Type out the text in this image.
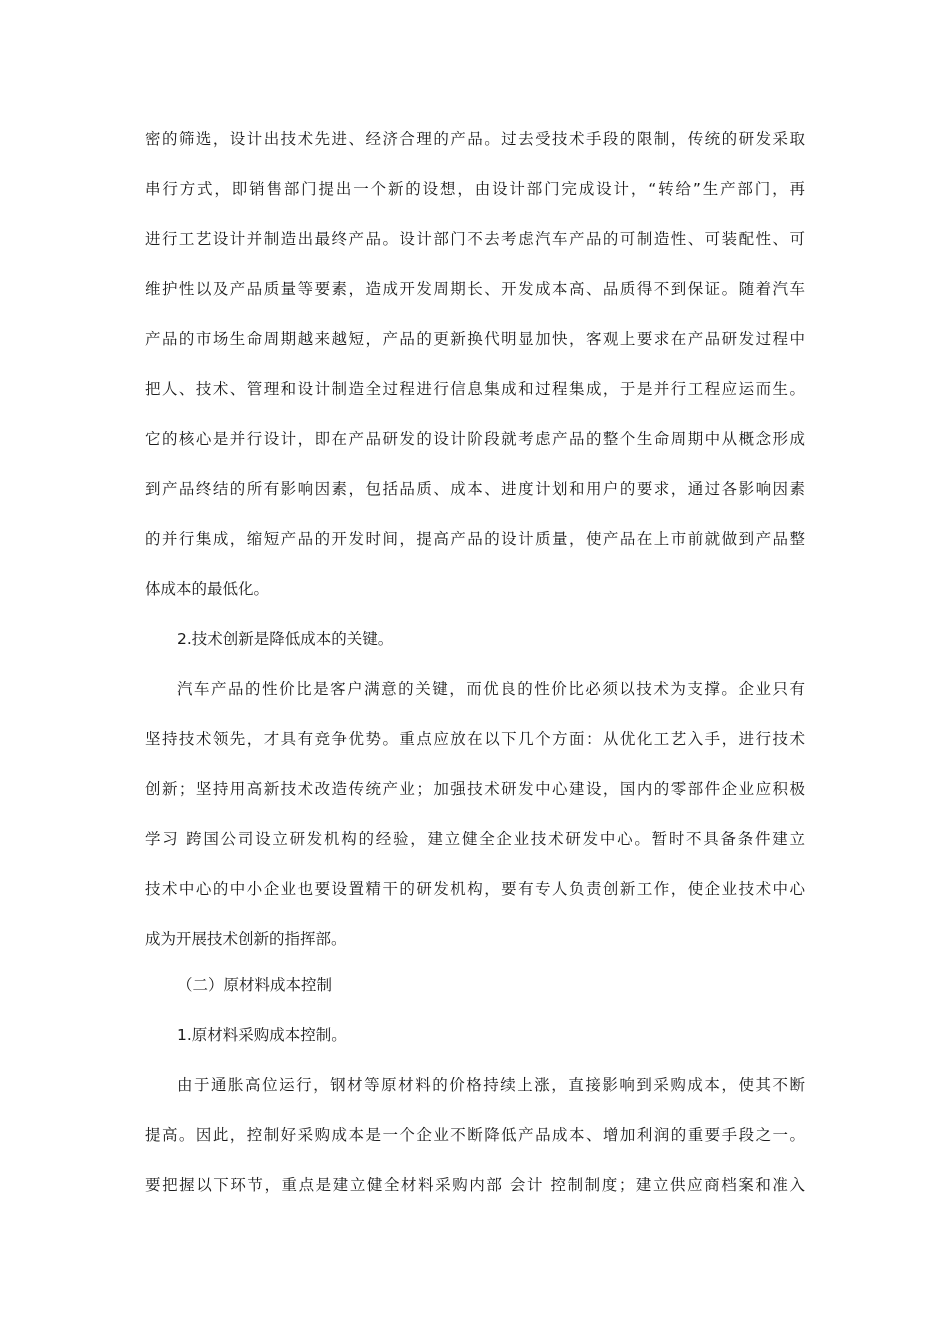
密的筛选，设计出技术先进、经济合理的产品。过去受技术手段的限制，传统的研发采取
串行方式，即销售部门提出一个新的设想，由设计部门完成设计，“转给”生产部门，再
进行工艺设计并制造出最终产品。设计部门不去考虑汽车产品的可制造性、可装配性、可
维护性以及产品质量等要素，造成开发周期长、开发成本高、品质得不到保证。随着汽车
产品的市场生命周期越来越短，产品的更新换代明显加快，客观上要求在产品研发过程中
把人、技术、管理和设计制造全过程进行信息集成和过程集成，于是并行工程应运而生。
它的核心是并行设计，即在产品研发的设计阶段就考虑产品的整个生命周期中从概念形成
到产品终结的所有影响因素，包括品质、成本、进度计划和用户的要求，通过各影响因素
的并行集成，缩短产品的开发时间，提高产品的设计质量，使产品在上市前就做到产品整
体成本的最低化。
2.技术创新是降低成本的关键。
汽车产品的性价比是客户满意的关键，而优良的性价比必须以技术为支撑。企业只有
坚持技术领先，才具有竞争优势。重点应放在以下几个方面：从优化工艺入手，进行技术
创新；坚持用高新技术改造传统产业；加强技术研发中心建设，国内的零部件企业应积极
学习 跨国公司设立研发机构的经验，建立健全企业技术研发中心。暂时不具备条件建立
技术中心的中小企业也要设置精干的研发机构，要有专人负责创新工作，使企业技术中心
成为开展技术创新的指挥部。
（二）原材料成本控制
1.原材料采购成本控制。
由于通胀高位运行，钢材等原材料的价格持续上涨，直接影响到采购成本，使其不断
提高。因此，控制好采购成本是一个企业不断降低产品成本、增加利润的重要手段之一。
要把握以下环节，重点是建立健全材料采购内部 会计 控制制度；建立供应商档案和准入
